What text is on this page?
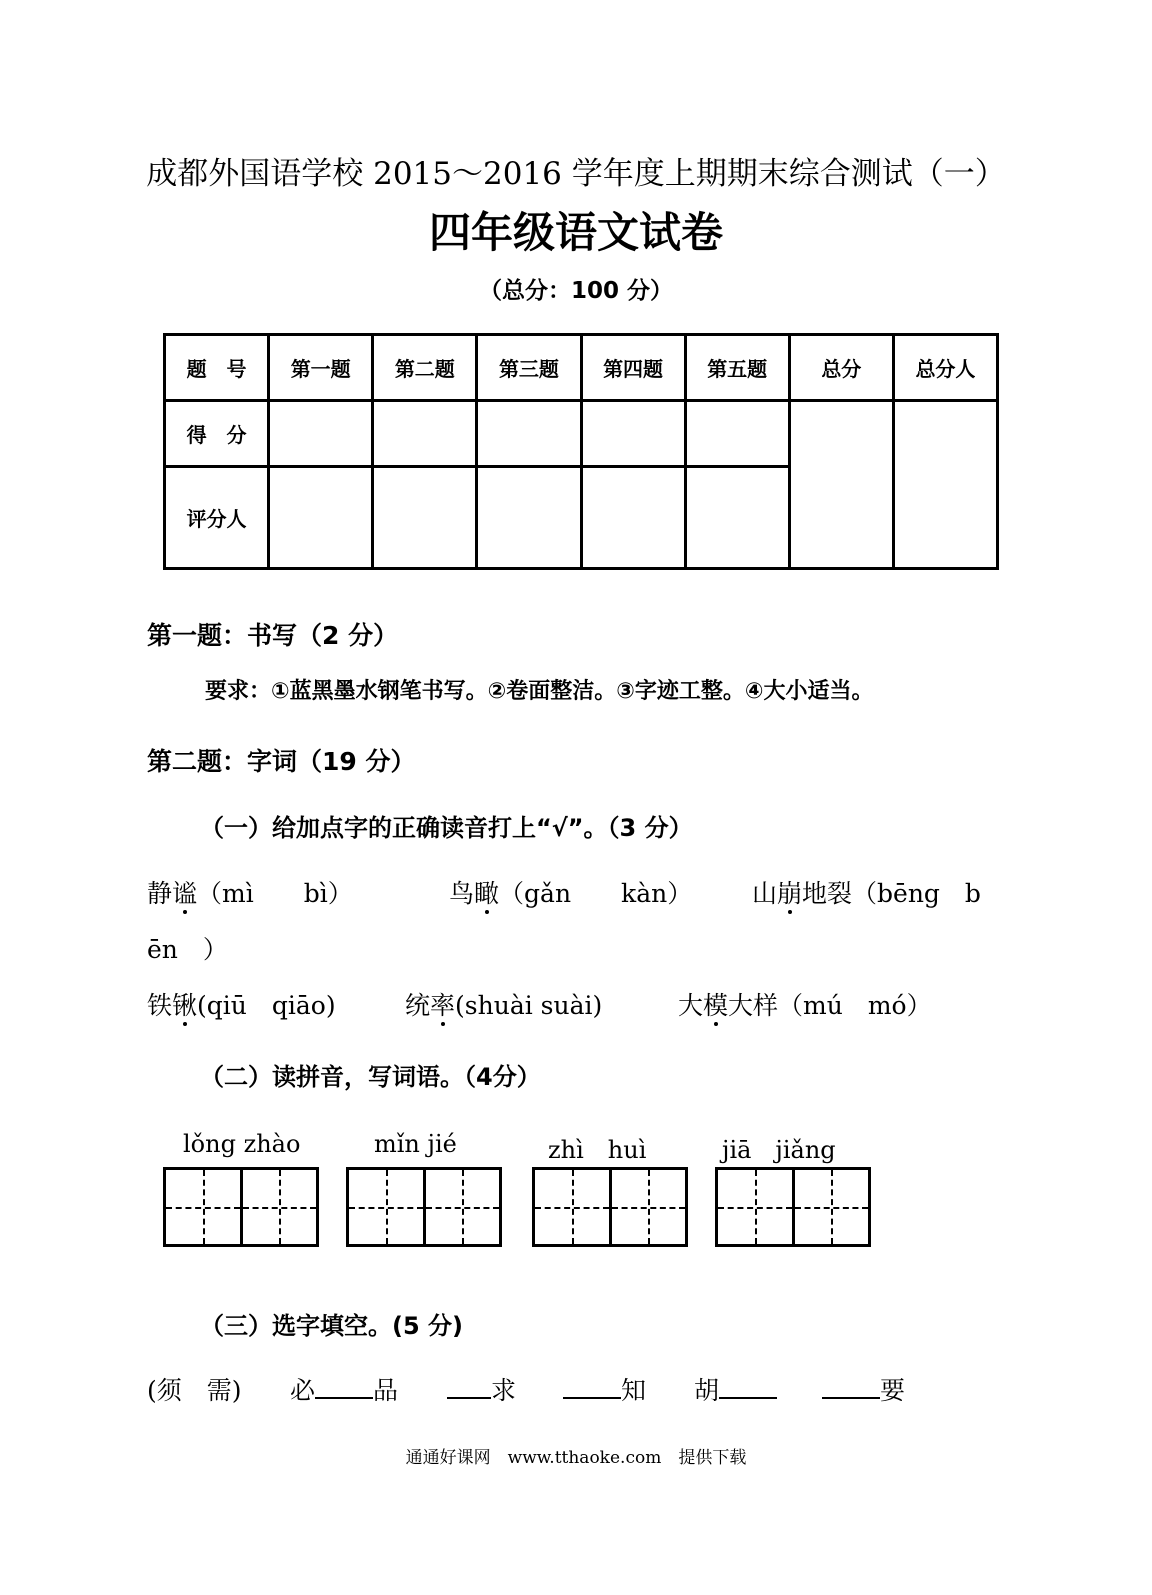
成都外国语学校 2015～2016 学年度上期期末综合测试（一）
四年级语文试卷
（总分：100 分）
题　号	第一题	第二题	第三题	第四题	第五题	总分	总分人
得　分							
评分人							
第一题：书写（2 分）
要求：①蓝黑墨水钢笔书写。②卷面整洁。③字迹工整。④大小适当。
第二题：字词（19 分）
（一）给加点字的正确读音打上“√”。（3 分）
静谧（mì　　bì）	鸟瞰（gǎn　　kàn） 山崩地裂（bēng　b
ēn　）
铁锹(qiū　qiāo)	统率(shuài suài)	大模大样（mú　mó）
（二）读拼音，写词语。（4分）
lǒng zhào	mǐn jié	zhì　huì	jiā　jiǎng
（三）选字填空。(5 分)
(须　需) 必 品	求	知 胡	要
通通好课网　www.tthaoke.com　提供下载
